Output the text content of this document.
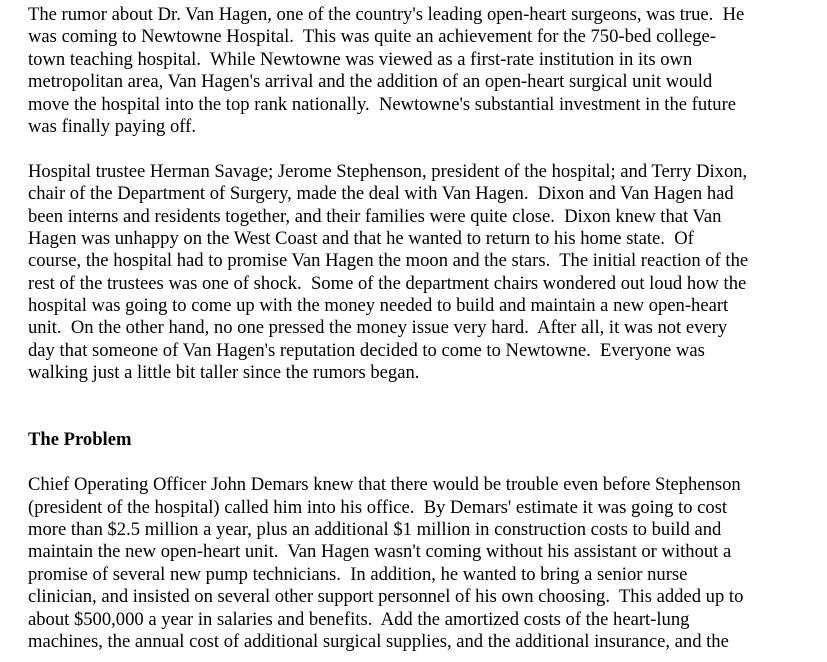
The rumor about Dr. Van Hagen, one of the country's leading open-heart surgeons, was true.  He
was coming to Newtowne Hospital.  This was quite an achievement for the 750-bed college-
town teaching hospital.  While Newtowne was viewed as a first-rate institution in its own
metropolitan area, Van Hagen's arrival and the addition of an open-heart surgical unit would
move the hospital into the top rank nationally.  Newtowne's substantial investment in the future
was finally paying off.
Hospital trustee Herman Savage; Jerome Stephenson, president of the hospital; and Terry Dixon,
chair of the Department of Surgery, made the deal with Van Hagen.  Dixon and Van Hagen had
been interns and residents together, and their families were quite close.  Dixon knew that Van
Hagen was unhappy on the West Coast and that he wanted to return to his home state.  Of
course, the hospital had to promise Van Hagen the moon and the stars.  The initial reaction of the
rest of the trustees was one of shock.  Some of the department chairs wondered out loud how the
hospital was going to come up with the money needed to build and maintain a new open-heart
unit.  On the other hand, no one pressed the money issue very hard.  After all, it was not every
day that someone of Van Hagen's reputation decided to come to Newtowne.  Everyone was
walking just a little bit taller since the rumors began.
The Problem
Chief Operating Officer John Demars knew that there would be trouble even before Stephenson
(president of the hospital) called him into his office.  By Demars' estimate it was going to cost
more than $2.5 million a year, plus an additional $1 million in construction costs to build and
maintain the new open-heart unit.  Van Hagen wasn't coming without his assistant or without a
promise of several new pump technicians.  In addition, he wanted to bring a senior nurse
clinician, and insisted on several other support personnel of his own choosing.  This added up to
about $500,000 a year in salaries and benefits.  Add the amortized costs of the heart-lung
machines, the annual cost of additional surgical supplies, and the additional insurance, and the
